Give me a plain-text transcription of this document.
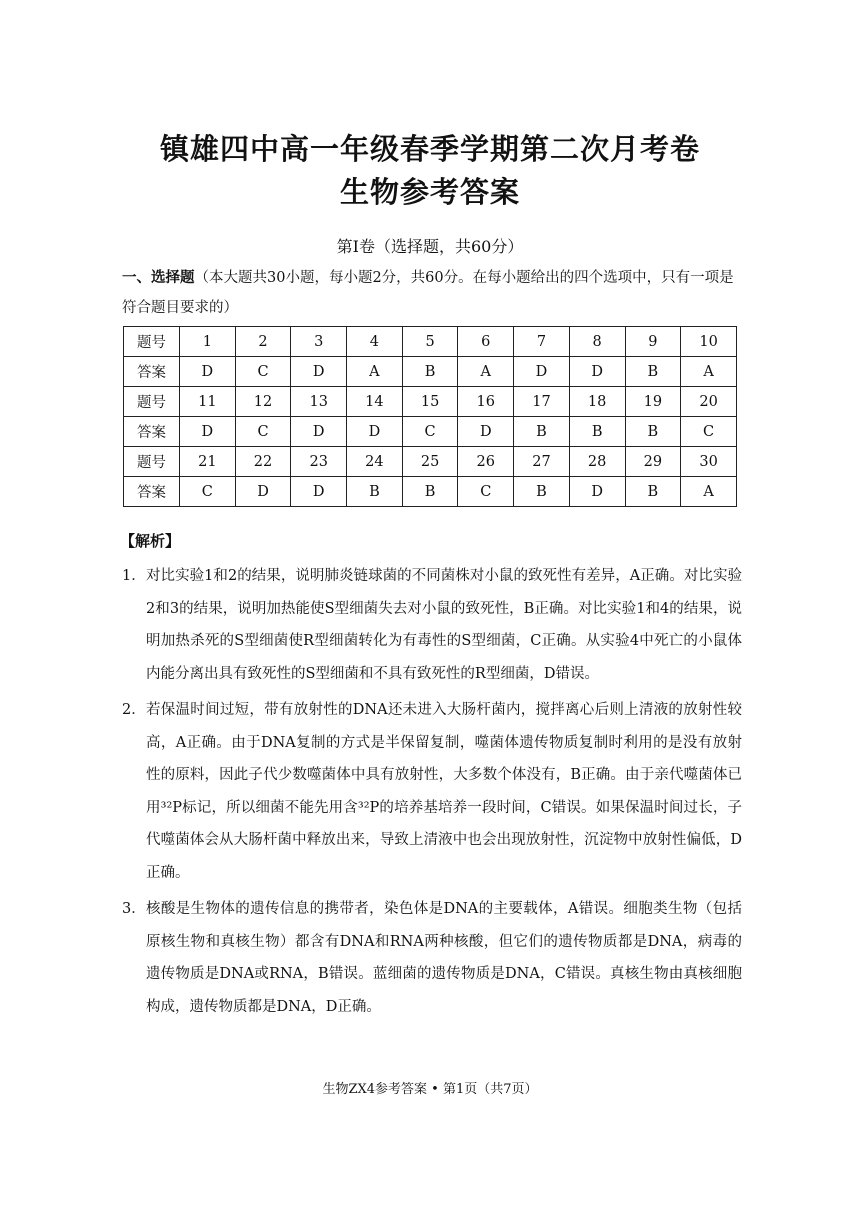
镇雄四中高一年级春季学期第二次月考卷
生物参考答案
第Ⅰ卷（选择题，共60分）
一、选择题（本大题共30小题，每小题2分，共60分。在每小题给出的四个选项中，只有一项是符合题目要求的）
题号	1	2	3	4	5	6	7	8	9	10
答案	D	C	D	A	B	A	D	D	B	A
题号	11	12	13	14	15	16	17	18	19	20
答案	D	C	D	D	C	D	B	B	B	C
题号	21	22	23	24	25	26	27	28	29	30
答案	C	D	D	B	B	C	B	D	B	A
【解析】
1． 对比实验1和2的结果，说明肺炎链球菌的不同菌株对小鼠的致死性有差异，A正确。对比实验2和3的结果，说明加热能使S型细菌失去对小鼠的致死性，B正确。对比实验1和4的结果，说明加热杀死的S型细菌使R型细菌转化为有毒性的S型细菌，C正确。从实验4中死亡的小鼠体内能分离出具有致死性的S型细菌和不具有致死性的R型细菌，D错误。
2． 若保温时间过短，带有放射性的DNA还未进入大肠杆菌内，搅拌离心后则上清液的放射性较高，A正确。由于DNA复制的方式是半保留复制，噬菌体遗传物质复制时利用的是没有放射性的原料，因此子代少数噬菌体中具有放射性，大多数个体没有，B正确。由于亲代噬菌体已用³²P标记，所以细菌不能先用含³²P的培养基培养一段时间，C错误。如果保温时间过长，子代噬菌体会从大肠杆菌中释放出来，导致上清液中也会出现放射性，沉淀物中放射性偏低，D正确。
3． 核酸是生物体的遗传信息的携带者，染色体是DNA的主要载体，A错误。细胞类生物（包括原核生物和真核生物）都含有DNA和RNA两种核酸，但它们的遗传物质都是DNA，病毒的遗传物质是DNA或RNA，B错误。蓝细菌的遗传物质是DNA，C错误。真核生物由真核细胞构成，遗传物质都是DNA，D正确。
生物ZX4参考答案 • 第1页（共7页）
